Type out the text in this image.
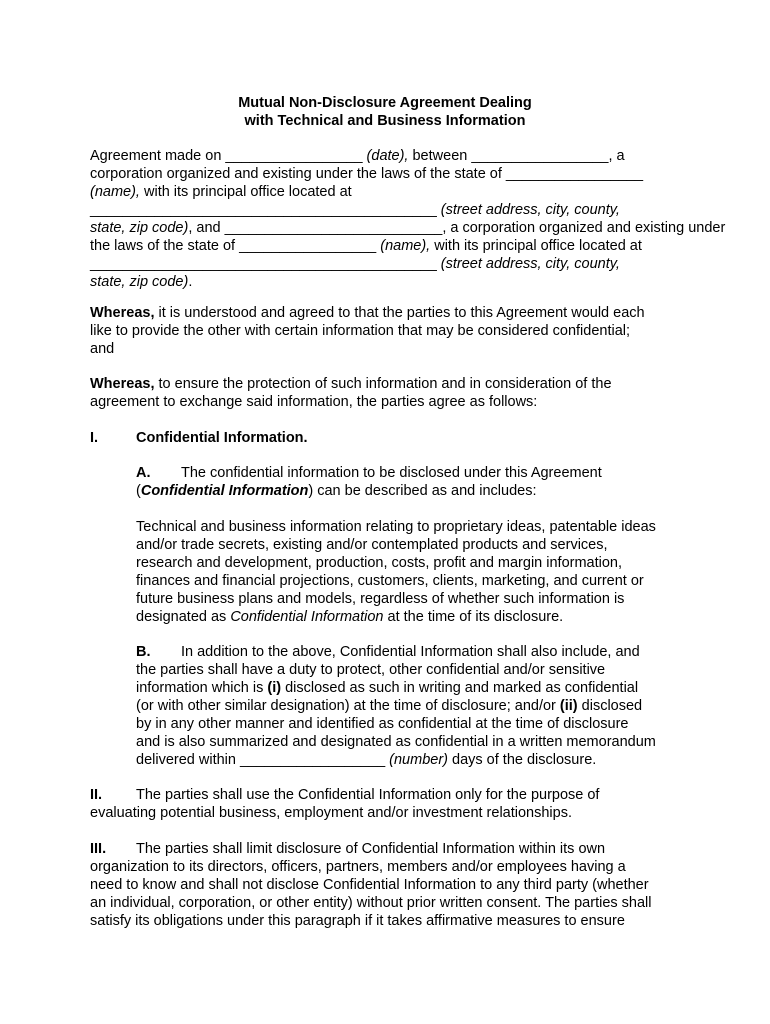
Mutual Non-Disclosure Agreement Dealing
with Technical and Business Information
Agreement made on _________________ (date), between _________________, a
corporation organized and existing under the laws of the state of _________________
(name), with its principal office located at
___________________________________________ (street address, city, county,
state, zip code), and ___________________________, a corporation organized and existing under
the laws of the state of _________________ (name), with its principal office located at
___________________________________________ (street address, city, county,
state, zip code).
Whereas, it is understood and agreed to that the parties to this Agreement would each
like to provide the other with certain information that may be considered confidential;
and
Whereas, to ensure the protection of such information and in consideration of the
agreement to exchange said information, the parties agree as follows:
I.	Confidential Information.
A. The confidential information to be disclosed under this Agreement
(Confidential Information) can be described as and includes:
Technical and business information relating to proprietary ideas, patentable ideas
and/or trade secrets, existing and/or contemplated products and services,
research and development, production, costs, profit and margin information,
finances and financial projections, customers, clients, marketing, and current or
future business plans and models, regardless of whether such information is
designated as Confidential Information at the time of its disclosure.
B. In addition to the above, Confidential Information shall also include, and
the parties shall have a duty to protect, other confidential and/or sensitive
information which is (i) disclosed as such in writing and marked as confidential
(or with other similar designation) at the time of disclosure; and/or (ii) disclosed
by in any other manner and identified as confidential at the time of disclosure
and is also summarized and designated as confidential in a written memorandum
delivered within __________________ (number) days of the disclosure.
II. The parties shall use the Confidential Information only for the purpose of
evaluating potential business, employment and/or investment relationships.
III. The parties shall limit disclosure of Confidential Information within its own
organization to its directors, officers, partners, members and/or employees having a
need to know and shall not disclose Confidential Information to any third party (whether
an individual, corporation, or other entity) without prior written consent. The parties shall
satisfy its obligations under this paragraph if it takes affirmative measures to ensure
